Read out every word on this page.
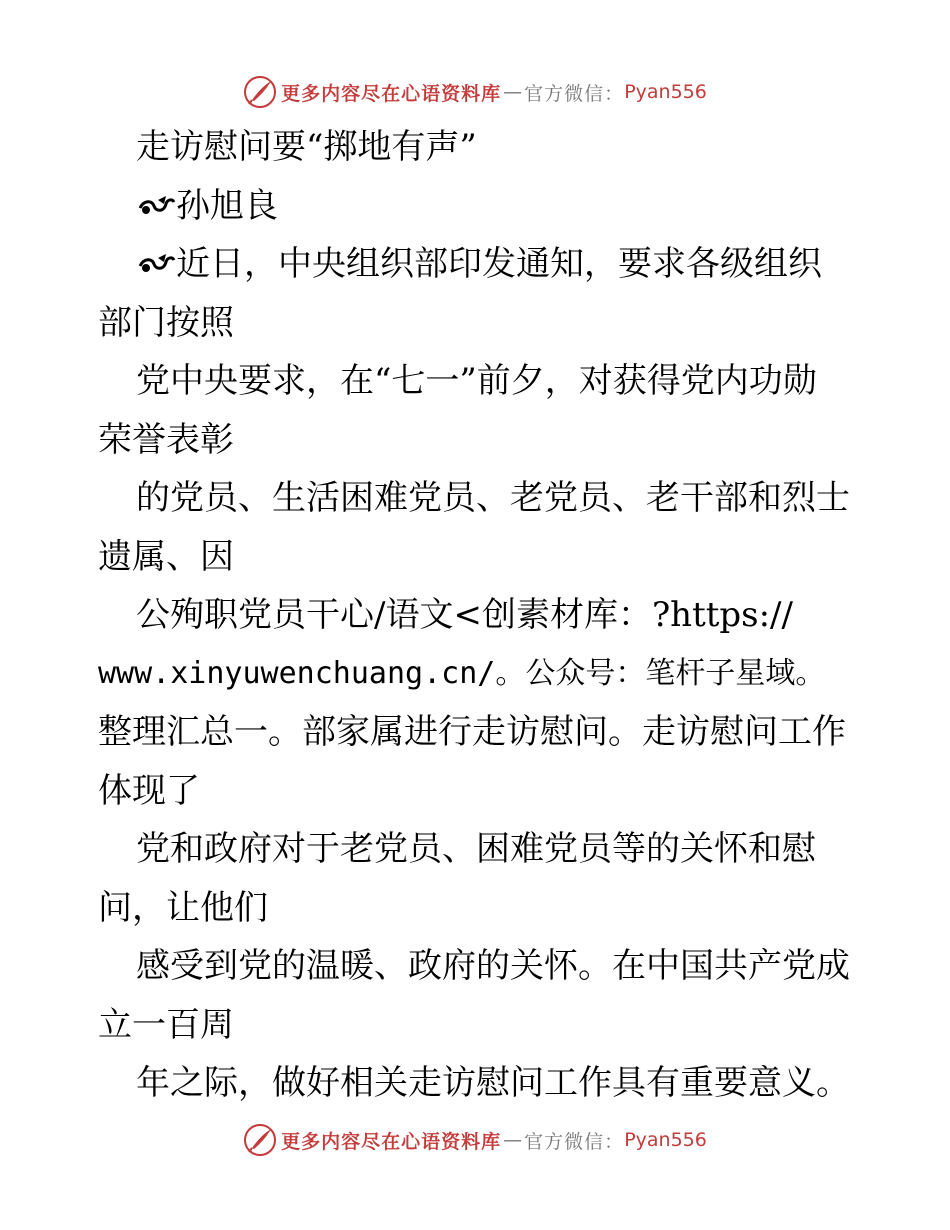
更多内容尽在心语资料库 — 官方微信： Pyan556
走访慰问要“掷地有声”
孙旭良
近日，中央组织部印发通知，要求各级组织
部门按照
党中央要求，在“七一”前夕，对获得党内功勋
荣誉表彰
的党员、生活困难党员、老党员、老干部和烈士
遗属、因
公殉职党员干心/语文<创素材库：?https://
www.xinyuwenchuang.cn/。公众号：笔杆子星域。
整理汇总一。部家属进行走访慰问。走访慰问工作
体现了
党和政府对于老党员、困难党员等的关怀和慰
问，让他们
感受到党的温暖、政府的关怀。在中国共产党成
立一百周
年之际，做好相关走访慰问工作具有重要意义。
更多内容尽在心语资料库 — 官方微信： Pyan556
